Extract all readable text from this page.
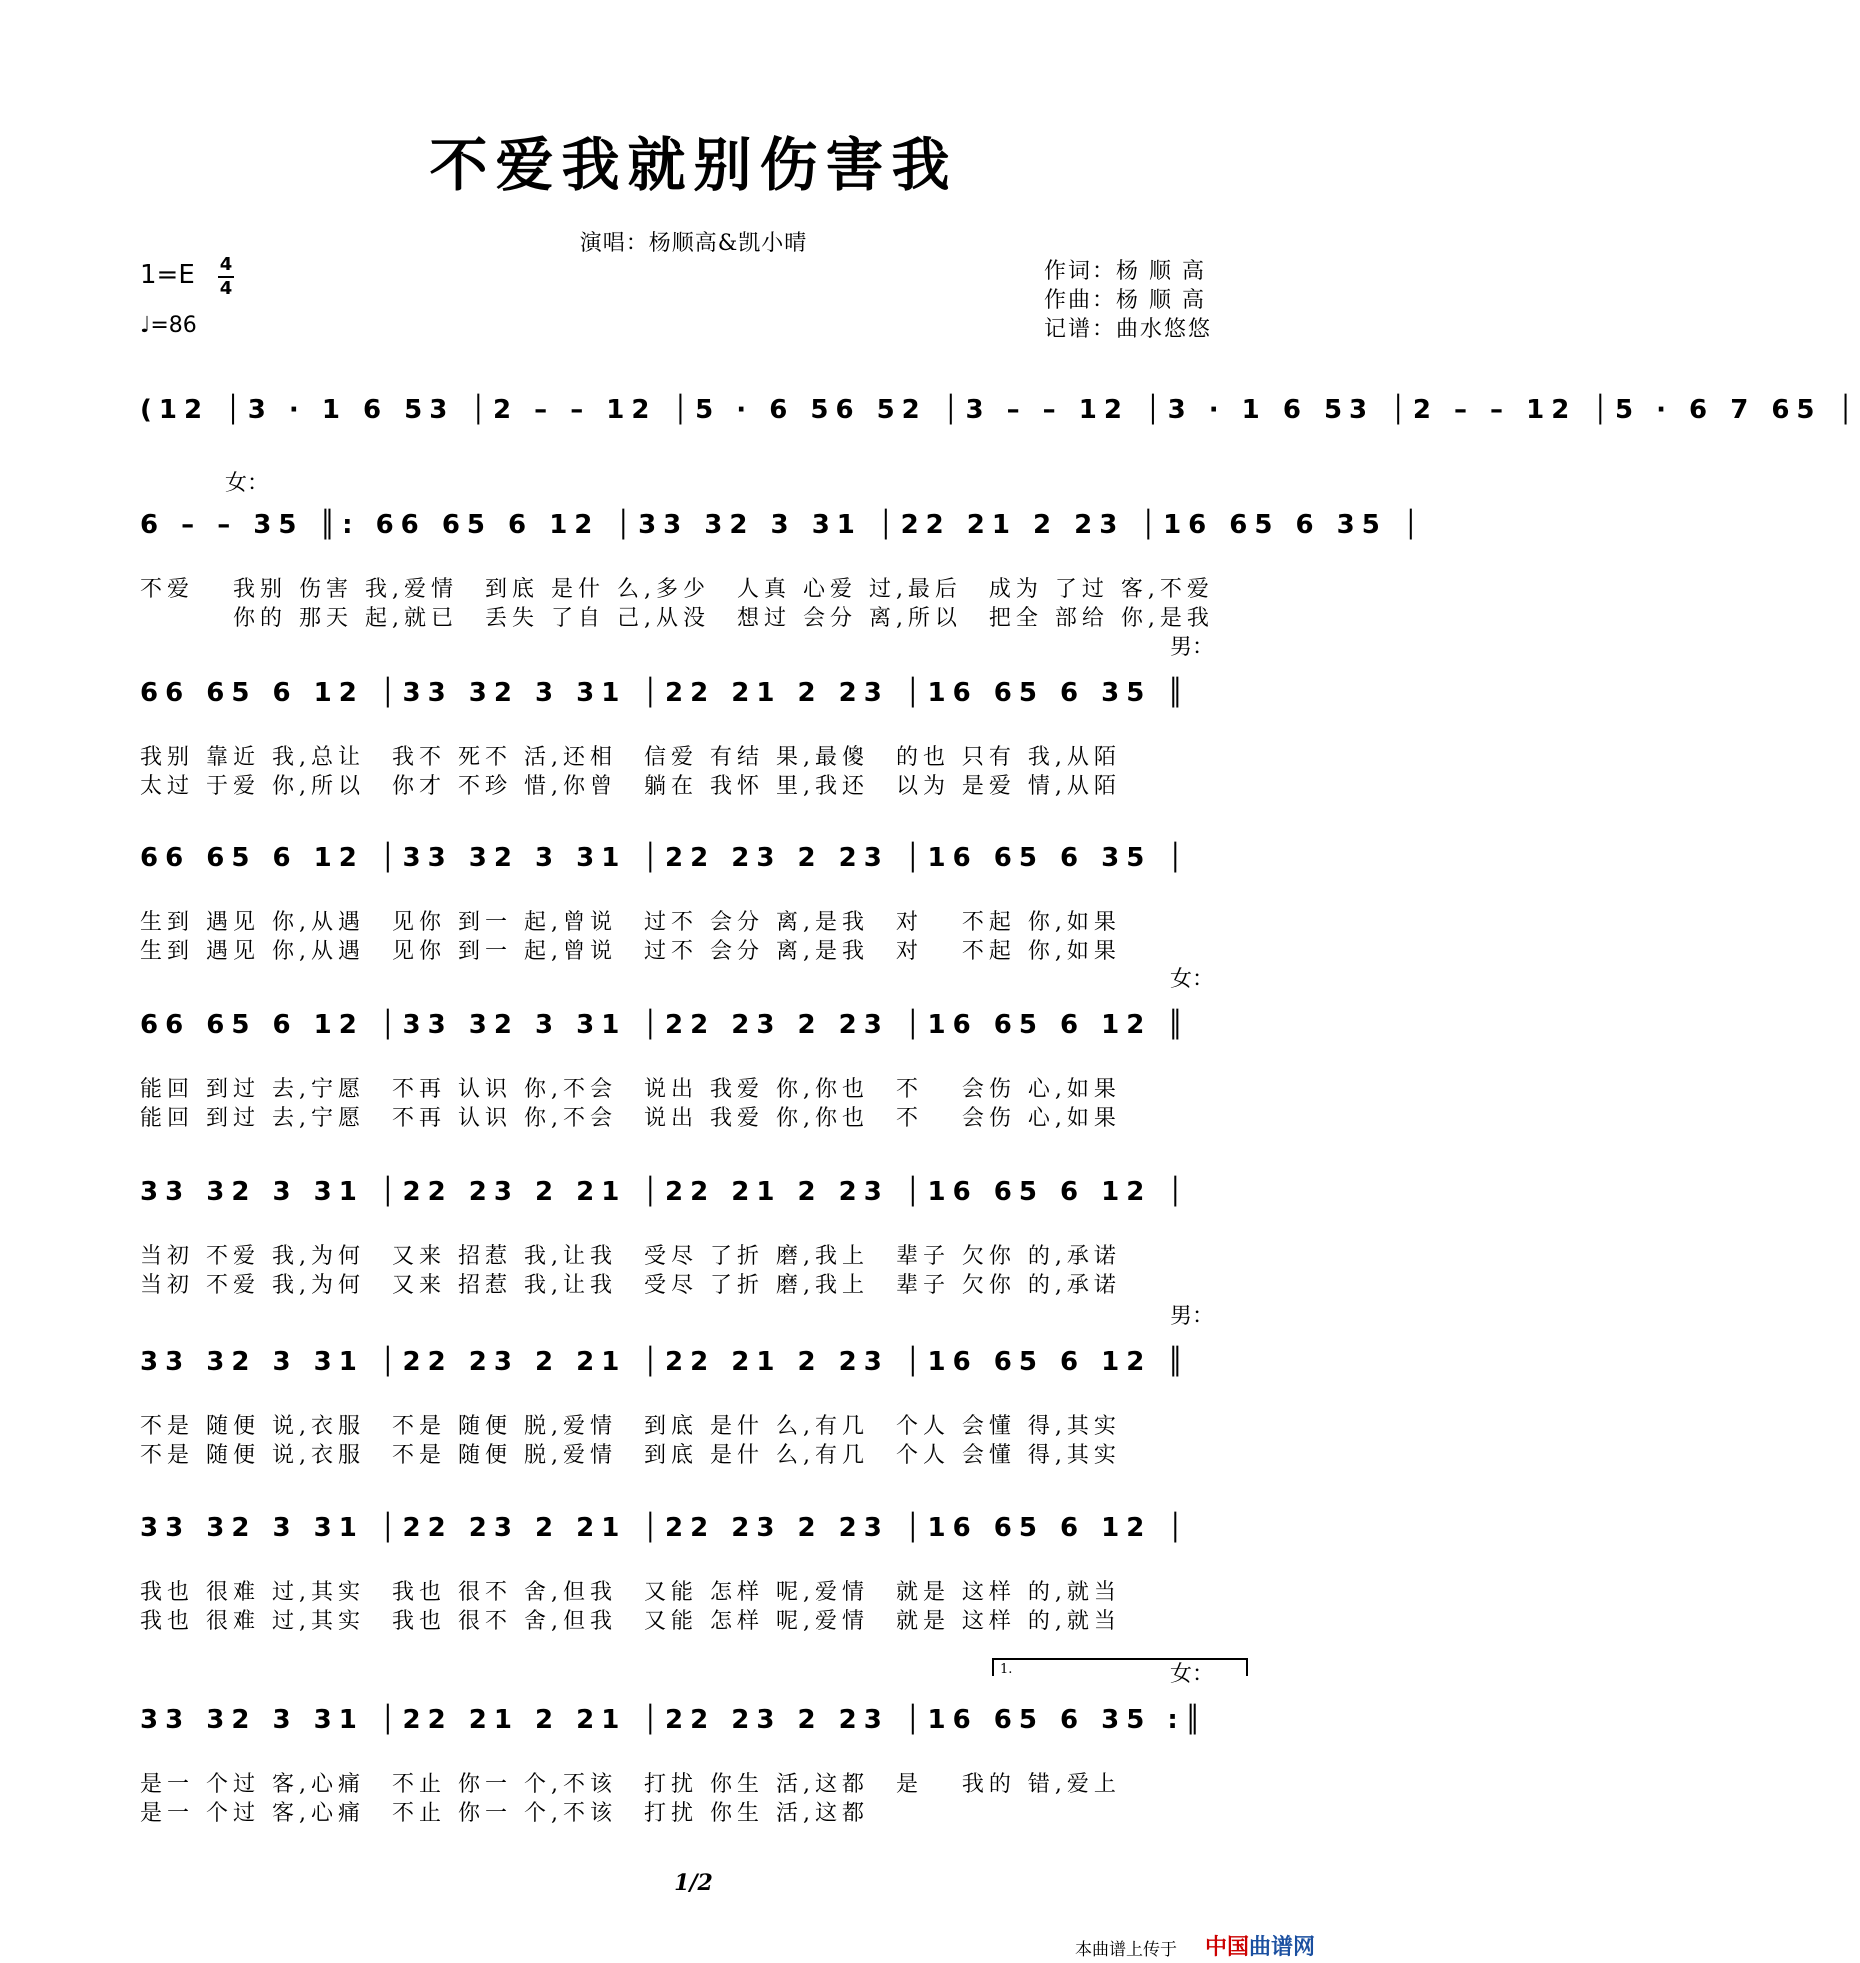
不爱我就别伤害我
演唱：杨顺高&凯小晴
1=E 4
4
♩=86
作词：杨 顺 高
作曲：杨 顺 高
记谱：曲水悠悠
(12 │3 · 1 6 53 │2 – – 12 │5 · 6 56 52 │3 – – 12 │3 · 1 6 53 │2 – – 12 │5 · 6 7 65 │
6 – – 35 ║: 66 65 6 12 │33 32 3 31 │22 21 2 23 │16 65 6 35 │
不爱　 我别 伤害 我,爱情　到底 是什 么,多少　人真 心爱 过,最后　成为 了过 客,不爱
　　　 你的 那天 起,就已　丢失 了自 己,从没　想过 会分 离,所以　把全 部给 你,是我
女：
66 65 6 12 │33 32 3 31 │22 21 2 23 │16 65 6 35 ║
我别 靠近 我,总让　我不 死不 活,还相　信爱 有结 果,最傻　的也 只有 我,从陌
太过 于爱 你,所以　你才 不珍 惜,你曾　躺在 我怀 里,我还　以为 是爱 情,从陌
男：
66 65 6 12 │33 32 3 31 │22 23 2 23 │16 65 6 35 │
生到 遇见 你,从遇　见你 到一 起,曾说　过不 会分 离,是我　对　 不起 你,如果
生到 遇见 你,从遇　见你 到一 起,曾说　过不 会分 离,是我　对　 不起 你,如果
66 65 6 12 │33 32 3 31 │22 23 2 23 │16 65 6 12 ║
能回 到过 去,宁愿　不再 认识 你,不会　说出 我爱 你,你也　不　 会伤 心,如果
能回 到过 去,宁愿　不再 认识 你,不会　说出 我爱 你,你也　不　 会伤 心,如果
女：
33 32 3 31 │22 23 2 21 │22 21 2 23 │16 65 6 12 │
当初 不爱 我,为何　又来 招惹 我,让我　受尽 了折 磨,我上　辈子 欠你 的,承诺
当初 不爱 我,为何　又来 招惹 我,让我　受尽 了折 磨,我上　辈子 欠你 的,承诺
33 32 3 31 │22 23 2 21 │22 21 2 23 │16 65 6 12 ║
不是 随便 说,衣服　不是 随便 脱,爱情　到底 是什 么,有几　个人 会懂 得,其实
不是 随便 说,衣服　不是 随便 脱,爱情　到底 是什 么,有几　个人 会懂 得,其实
男：
33 32 3 31 │22 23 2 21 │22 23 2 23 │16 65 6 12 │
我也 很难 过,其实　我也 很不 舍,但我　又能 怎样 呢,爱情　就是 这样 的,就当
我也 很难 过,其实　我也 很不 舍,但我　又能 怎样 呢,爱情　就是 这样 的,就当
33 32 3 31 │22 21 2 21 │22 23 2 23 │16 65 6 35 :║
是一 个过 客,心痛　不止 你一 个,不该　打扰 你生 活,这都　是　 我的 错,爱上
是一 个过 客,心痛　不止 你一 个,不该　打扰 你生 活,这都
女：
1.
1/2
本曲谱上传于 中国曲谱网
